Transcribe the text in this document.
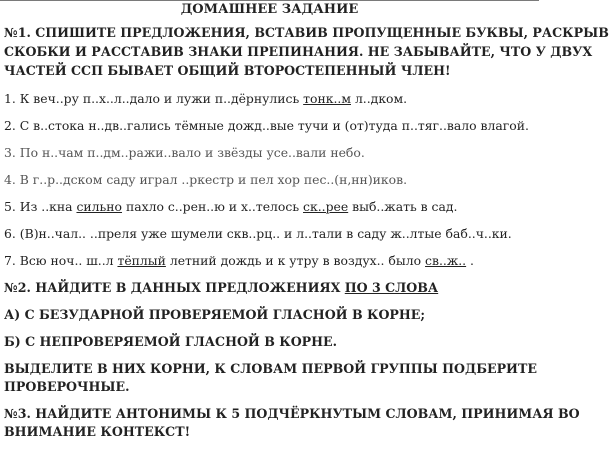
ДОМАШНЕЕ ЗАДАНИЕ
№1. СПИШИТЕ ПРЕДЛОЖЕНИЯ, ВСТАВИВ ПРОПУЩЕННЫЕ БУКВЫ, РАСКРЫВ
СКОБКИ И РАССТАВИВ ЗНАКИ ПРЕПИНАНИЯ. НЕ ЗАБЫВАЙТЕ, ЧТО У ДВУХ
ЧАСТЕЙ ССП БЫВАЕТ ОБЩИЙ ВТОРОСТЕПЕННЫЙ ЧЛЕН!
1. К веч..ру п..х..л..дало и лужи п..дёрнулись тонк..м л..дком.
2. С в..стока н..дв..гались тёмные дожд..вые тучи и (от)туда п..тяг..вало влагой.
3. По н..чам п..дм..ражи..вало и звёзды усе..вали небо.
4. В г..р..дском саду играл ..ркестр и пел хор пес..(н,нн)иков.
5. Из ..кна сильно пахло с..рен..ю и х..телось ск..рее выб..жать в сад.
6. (В)н..чал.. ..преля уже шумели скв..рц.. и л..тали в саду ж..лтые баб..ч..ки.
7. Всю ноч.. ш..л тёплый летний дождь и к утру в воздух.. было св..ж.. .
№2. НАЙДИТЕ В ДАННЫХ ПРЕДЛОЖЕНИЯХ ПО 3 СЛОВА
А) С БЕЗУДАРНОЙ ПРОВЕРЯЕМОЙ ГЛАСНОЙ В КОРНЕ;
Б) С НЕПРОВЕРЯЕМОЙ ГЛАСНОЙ В КОРНЕ.
ВЫДЕЛИТЕ В НИХ КОРНИ, К СЛОВАМ ПЕРВОЙ ГРУППЫ ПОДБЕРИТЕ
ПРОВЕРОЧНЫЕ.
№3. НАЙДИТЕ АНТОНИМЫ К 5 ПОДЧЁРКНУТЫМ СЛОВАМ, ПРИНИМАЯ ВО
ВНИМАНИЕ КОНТЕКСТ!
